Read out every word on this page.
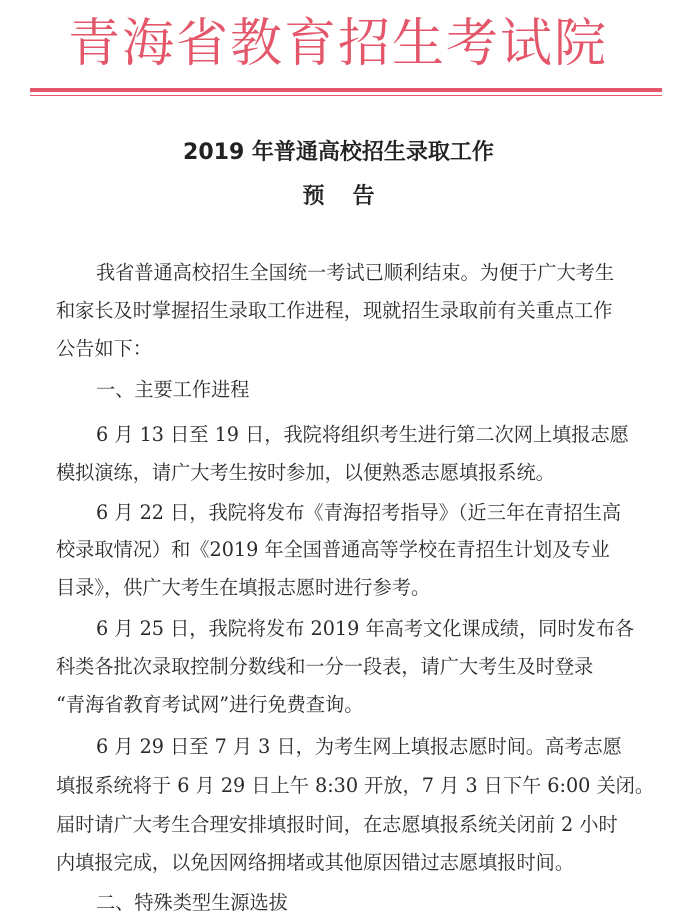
青海省教育招生考试院
2019 年普通高校招生录取工作
预告
我省普通高校招生全国统一考试已顺利结束。为便于广大考生
和家长及时掌握招生录取工作进程，现就招生录取前有关重点工作
公告如下：
一、主要工作进程
6 月 13 日至 19 日，我院将组织考生进行第二次网上填报志愿
模拟演练，请广大考生按时参加，以便熟悉志愿填报系统。
6 月 22 日，我院将发布《青海招考指导》（近三年在青招生高
校录取情况）和《2019 年全国普通高等学校在青招生计划及专业
目录》，供广大考生在填报志愿时进行参考。
6 月 25 日，我院将发布 2019 年高考文化课成绩，同时发布各
科类各批次录取控制分数线和一分一段表，请广大考生及时登录
“青海省教育考试网”进行免费查询。
6 月 29 日至 7 月 3 日，为考生网上填报志愿时间。高考志愿
填报系统将于 6 月 29 日上午 8:30 开放，7 月 3 日下午 6:00 关闭。
届时请广大考生合理安排填报时间，在志愿填报系统关闭前 2 小时
内填报完成，以免因网络拥堵或其他原因错过志愿填报时间。
二、特殊类型生源选拔
